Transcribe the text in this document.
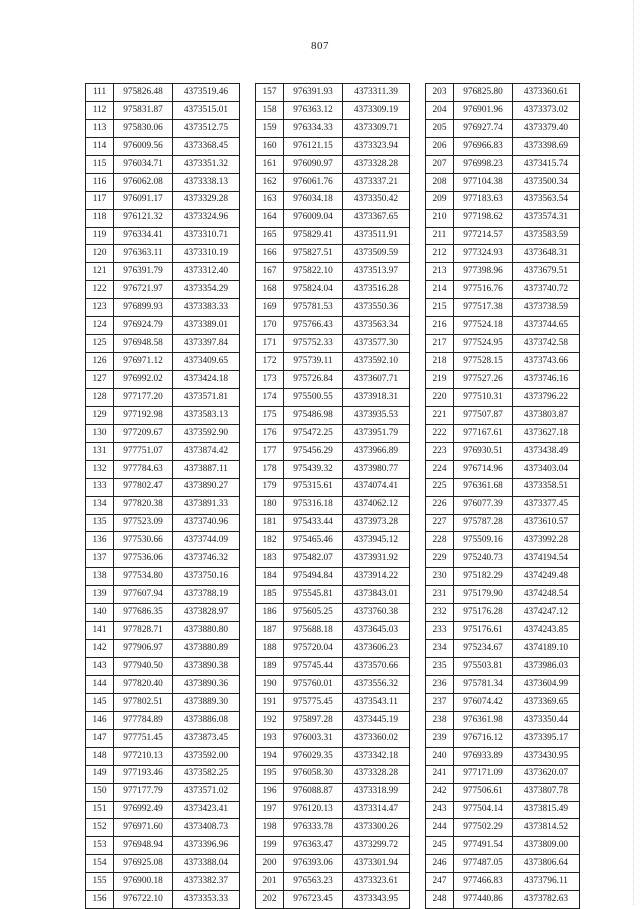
807
111	975826.48	4373519.46
112	975831.87	4373515.01
113	975830.06	4373512.75
114	976009.56	4373368.45
115	976034.71	4373351.32
116	976062.08	4373338.13
117	976091.17	4373329.28
118	976121.32	4373324.96
119	976334.41	4373310.71
120	976363.11	4373310.19
121	976391.79	4373312.40
122	976721.97	4373354.29
123	976899.93	4373383.33
124	976924.79	4373389.01
125	976948.58	4373397.84
126	976971.12	4373409.65
127	976992.02	4373424.18
128	977177.20	4373571.81
129	977192.98	4373583.13
130	977209.67	4373592.90
131	977751.07	4373874.42
132	977784.63	4373887.11
133	977802.47	4373890.27
134	977820.38	4373891.33
135	977523.09	4373740.96
136	977530.66	4373744.09
137	977536.06	4373746.32
138	977534.80	4373750.16
139	977607.94	4373788.19
140	977686.35	4373828.97
141	977828.71	4373880.80
142	977906.97	4373880.89
143	977940.50	4373890.38
144	977820.40	4373890.36
145	977802.51	4373889.30
146	977784.89	4373886.08
147	977751.45	4373873.45
148	977210.13	4373592.00
149	977193.46	4373582.25
150	977177.79	4373571.02
151	976992.49	4373423.41
152	976971.60	4373408.73
153	976948.94	4373396.96
154	976925.08	4373388.04
155	976900.18	4373382.37
156	976722.10	4373353.33
157	976391.93	4373311.39
158	976363.12	4373309.19
159	976334.33	4373309.71
160	976121.15	4373323.94
161	976090.97	4373328.28
162	976061.76	4373337.21
163	976034.18	4373350.42
164	976009.04	4373367.65
165	975829.41	4373511.91
166	975827.51	4373509.59
167	975822.10	4373513.97
168	975824.04	4373516.28
169	975781.53	4373550.36
170	975766.43	4373563.34
171	975752.33	4373577.30
172	975739.11	4373592.10
173	975726.84	4373607.71
174	975500.55	4373918.31
175	975486.98	4373935.53
176	975472.25	4373951.79
177	975456.29	4373966.89
178	975439.32	4373980.77
179	975315.61	4374074.41
180	975316.18	4374062.12
181	975433.44	4373973.28
182	975465.46	4373945.12
183	975482.07	4373931.92
184	975494.84	4373914.22
185	975545.81	4373843.01
186	975605.25	4373760.38
187	975688.18	4373645.03
188	975720.04	4373606.23
189	975745.44	4373570.66
190	975760.01	4373556.32
191	975775.45	4373543.11
192	975897.28	4373445.19
193	976003.31	4373360.02
194	976029.35	4373342.18
195	976058.30	4373328.28
196	976088.87	4373318.99
197	976120.13	4373314.47
198	976333.78	4373300.26
199	976363.47	4373299.72
200	976393.06	4373301.94
201	976563.23	4373323.61
202	976723.45	4373343.95
203	976825.80	4373360.61
204	976901.96	4373373.02
205	976927.74	4373379.40
206	976966.83	4373398.69
207	976998.23	4373415.74
208	977104.38	4373500.34
209	977183.63	4373563.54
210	977198.62	4373574.31
211	977214.57	4373583.59
212	977324.93	4373648.31
213	977398.96	4373679.51
214	977516.76	4373740.72
215	977517.38	4373738.59
216	977524.18	4373744.65
217	977524.95	4373742.58
218	977528.15	4373743.66
219	977527.26	4373746.16
220	977510.31	4373796.22
221	977507.87	4373803.87
222	977167.61	4373627.18
223	976930.51	4373438.49
224	976714.96	4373403.04
225	976361.68	4373358.51
226	976077.39	4373377.45
227	975787.28	4373610.57
228	975509.16	4373992.28
229	975240.73	4374194.54
230	975182.29	4374249.48
231	975179.90	4374248.54
232	975176.28	4374247.12
233	975176.61	4374243.85
234	975234.67	4374189.10
235	975503.81	4373986.03
236	975781.34	4373604.99
237	976074.42	4373369.65
238	976361.98	4373350.44
239	976716.12	4373395.17
240	976933.89	4373430.95
241	977171.09	4373620.07
242	977506.61	4373807.78
243	977504.14	4373815.49
244	977502.29	4373814.52
245	977491.54	4373809.00
246	977487.05	4373806.64
247	977466.83	4373796.11
248	977440.86	4373782.63
